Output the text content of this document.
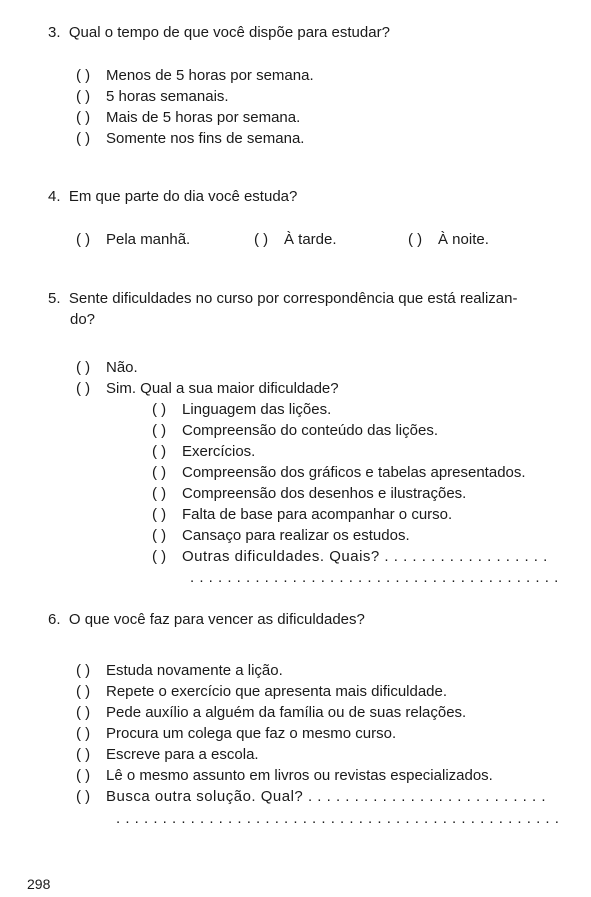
3. Qual o tempo de que você dispõe para estudar?
( ) Menos de 5 horas por semana.
( ) 5 horas semanais.
( ) Mais de 5 horas por semana.
( ) Somente nos fins de semana.
4. Em que parte do dia você estuda?
( ) Pela manhã.	( ) À tarde.	( ) À noite.
5. Sente dificuldades no curso por correspondência que está realizan-
do?
( ) Não.
( ) Sim. Qual a sua maior dificuldade?
( ) Linguagem das lições.
( ) Compreensão do conteúdo das lições.
( ) Exercícios.
( ) Compreensão dos gráficos e tabelas apresentados.
( ) Compreensão dos desenhos e ilustrações.
( ) Falta de base para acompanhar o curso.
( ) Cansaço para realizar os estudos.
( ) Outras dificuldades. Quais? . . . . . . . . . . . . . . . . . .
. . . . . . . . . . . . . . . . . . . . . . . . . . . . . . . . . . . . . . . .
6. O que você faz para vencer as dificuldades?
( ) Estuda novamente a lição.
( ) Repete o exercício que apresenta mais dificuldade.
( ) Pede auxílio a alguém da família ou de suas relações.
( ) Procura um colega que faz o mesmo curso.
( ) Escreve para a escola.
( ) Lê o mesmo assunto em livros ou revistas especializados.
( ) Busca outra solução. Qual? . . . . . . . . . . . . . . . . . . . . . . . . . .
. . . . . . . . . . . . . . . . . . . . . . . . . . . . . . . . . . . . . . . . . . . . . . . .
298
